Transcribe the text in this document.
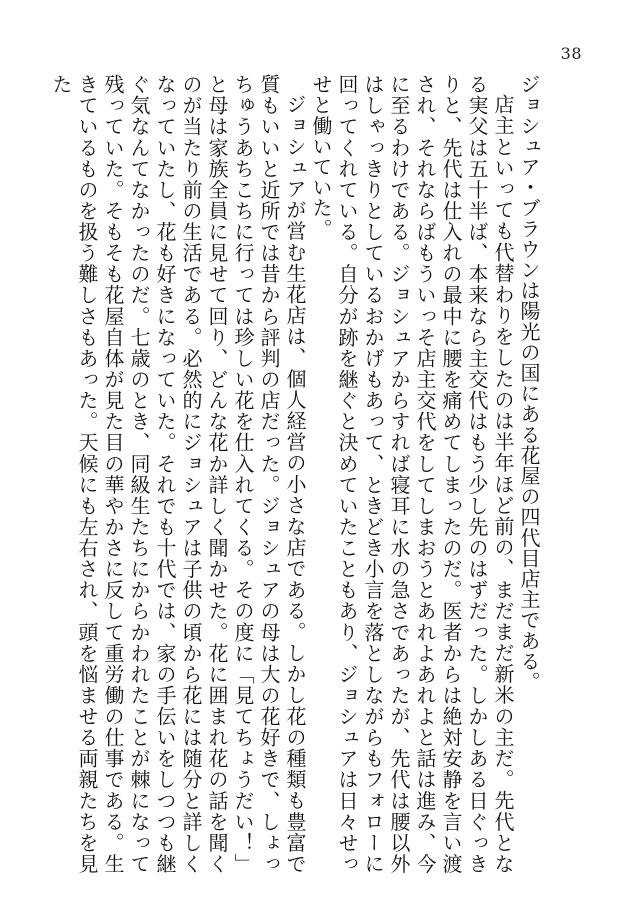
38

ジョシュア・ブラウンは陽光の国にある花屋の四代目店主である。

店主といっても代替わりをしたのは半年ほど前の、まだまだ新米の主だ。先代となる実父は五十半ば、本来なら主交代はもう少し先のはずだった。しかしある日ぐっきりと、先代は仕入れの最中に腰を痛めてしまったのだ。医者からは絶対安静を言い渡され、それならばもういっそ店主交代をしてしまおうとあれよあれよと話は進み、今に至るわけである。ジョシュアからすれば寝耳に水の急さであったが、先代は腰以外はしゃっきりとしているおかげもあって、ときどき小言を落としながらもフォローに回ってくれている。自分が跡を継ぐと決めていたこともあり、ジョシュアは日々せっせと働いていた。

ジョシュアが営む生花店は、個人経営の小さな店である。しかし花の種類も豊富で質もいいと近所では昔から評判の店だった。ジョシュアの母は大の花好きで、しょっちゅうあちこちに行っては珍しい花を仕入れてくる。その度に「見てちょうだい！」と母は家族全員に見せて回り、どんな花か詳しく聞かせた。花に囲まれ花の話を聞くのが当たり前の生活である。必然的にジョシュアは子供の頃から花には随分と詳しくなっていたし、花も好きになっていた。それでも十代では、家の手伝いをしつつも継ぐ気なんてなかったのだ。七歳のとき、同級生たちにからかわれたことが棘になって残っていた。そもそも花屋自体が見た目の華やかさに反して重労働の仕事である。生きているものを扱う難しさもあった。天候にも左右され、頭を悩ませる両親たちを見た
